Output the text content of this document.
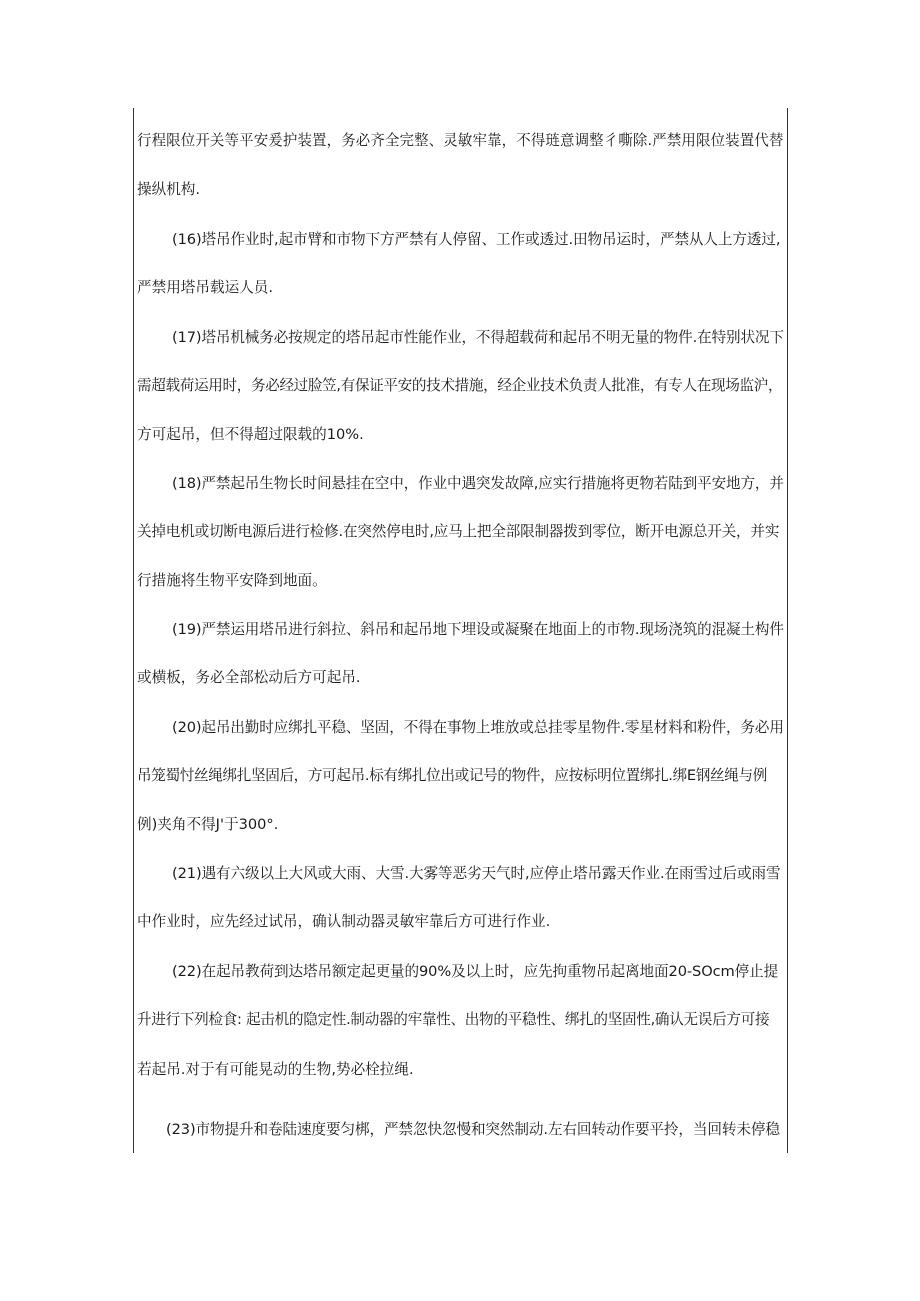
行程限位开关等平安爰护装置，务必齐全完整、灵敏牢靠，不得琏意调整彳嘶除.严禁用限位装置代替
操纵机构.
(16)塔吊作业时,起市臂和市物下方严禁有人停留、工作或透过.田物吊运时，严禁从人上方透过,
严禁用塔吊载运人员.
(17)塔吊机械务必按规定的塔吊起市性能作业，不得超载荷和起吊不明无量的物件.在特别状况下
需超载荷运用时，务必经过脸笠,有保证平安的技术措施，经企业技术负责人批准，有专人在现场监沪，
方可起吊，但不得超过限载的10%.
(18)严禁起吊生物长时间悬挂在空中，作业中遇突发故障,应实行措施将更物若陆到平安地方，并
关掉电机或切断电源后进行检修.在突然停电时,应马上把全部限制器拨到零位，断开电源总开关，并实
行措施将生物平安降到地面。
(19)严禁运用塔吊进行斜拉、斜吊和起吊地下埋设或凝聚在地面上的市物.现场浇筑的混凝土构件
或横板，务必全部松动后方可起吊.
(20)起吊出勤时应绑扎平稳、坚固，不得在事物上堆放或总挂零星物件.零星材料和粉件，务必用
吊笼蜀忖丝绳绑扎坚固后，方可起吊.标有绑扎位出或记号的物件，应按标明位置绑扎.绑E钢丝绳与例
例)夹角不得J'于300°.
(21)遇有六级以上大风或大雨、大雪.大雾等恶劣天气时,应停止塔吊露天作业.在雨雪过后或雨雪
中作业时，应先经过试吊，确认制动器灵敏牢靠后方可进行作业.
(22)在起吊教荷到达塔吊额定起更量的90%及以上时，应先拘重物吊起离地面20-SOcm停止提
升进行下列检食: 起击机的隐定性.制动器的牢靠性、出物的平稳性、绑扎的坚固性,确认无误后方可接
若起吊.对于有可能晃动的生物,势必栓拉绳.
(23)市物提升和卷陆速度要匀梆，严禁忽快忽慢和突然制动.左右回转动作要平拎，当回转未停稳
